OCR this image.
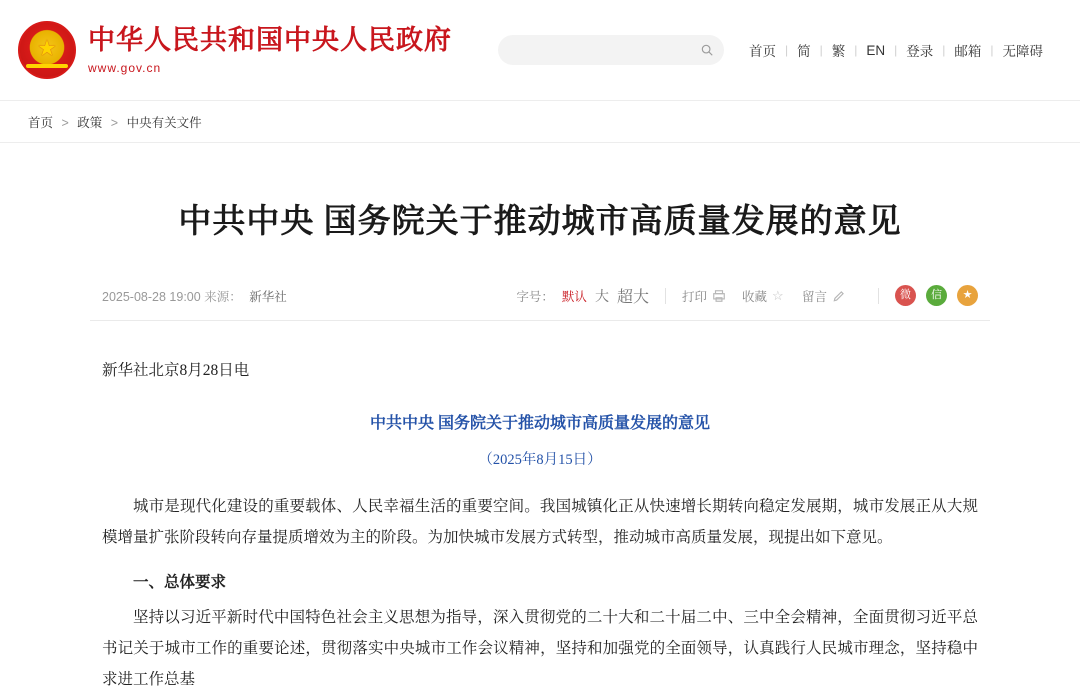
★
中华人民共和国中央人民政府
www.gov.cn
首页 | 简 | 繁 | EN | 登录 | 邮箱 | 无障碍
首页 > 政策 > 中央有关文件
中共中央 国务院关于推动城市高质量发展的意见
2025-08-28 19:00 来源： 新华社	字号： 默认 大 超大	打印	收藏 ☆ 留言	微	信	★

新华社北京8月28日电

中共中央 国务院关于推动城市高质量发展的意见

（2025年8月15日）

城市是现代化建设的重要载体、人民幸福生活的重要空间。我国城镇化正从快速增长期转向稳定发展期，城市发展正从大规模增量扩张阶段转向存量提质增效为主的阶段。为加快城市发展方式转型，推动城市高质量发展，现提出如下意见。

一、总体要求

坚持以习近平新时代中国特色社会主义思想为指导，深入贯彻党的二十大和二十届二中、三中全会精神，全面贯彻习近平总书记关于城市工作的重要论述，贯彻落实中央城市工作会议精神，坚持和加强党的全面领导，认真践行人民城市理念，坚持稳中求进工作总基
